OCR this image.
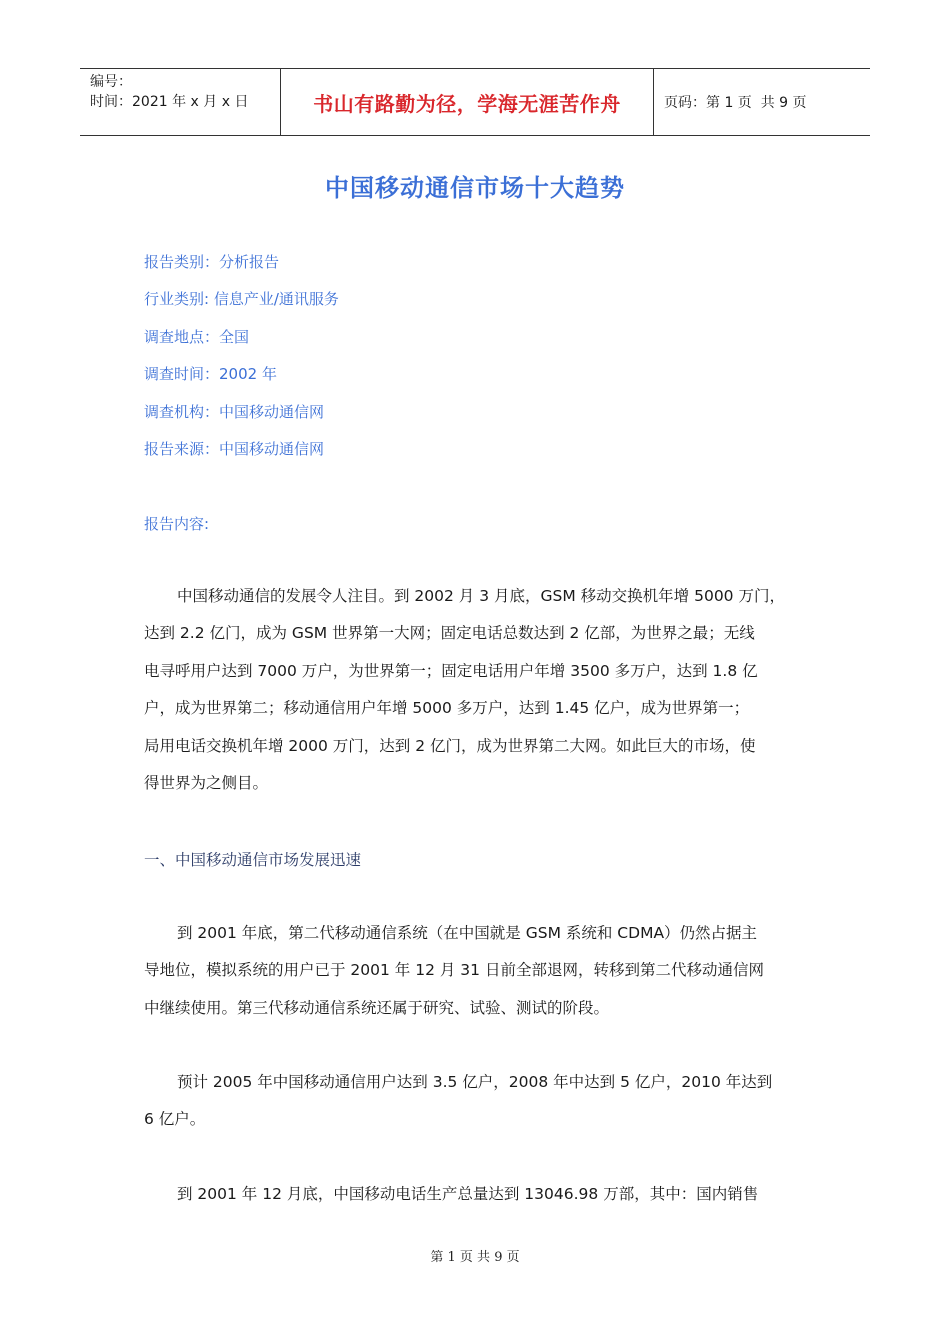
编号：
时间：2021 年 x 月 x 日	书山有路勤为径，学海无涯苦作舟	页码：第 1 页  共 9 页
中国移动通信市场十大趋势
报告类别：分析报告
行业类别: 信息产业/通讯服务
调查地点：全国
调查时间：2002 年
调查机构：中国移动通信网
报告来源：中国移动通信网
报告内容:
中国移动通信的发展令人注目。到 2002 月 3 月底，GSM 移动交换机年增 5000 万门，
达到 2.2 亿门，成为 GSM 世界第一大网；固定电话总数达到 2 亿部，为世界之最；无线
电寻呼用户达到 7000 万户，为世界第一；固定电话用户年增 3500 多万户，达到 1.8 亿
户，成为世界第二；移动通信用户年增 5000 多万户，达到 1.45 亿户，成为世界第一；
局用电话交换机年增 2000 万门，达到 2 亿门，成为世界第二大网。如此巨大的市场，使
得世界为之侧目。
一、中国移动通信市场发展迅速
到 2001 年底，第二代移动通信系统（在中国就是 GSM 系统和 CDMA）仍然占据主
导地位，模拟系统的用户已于 2001 年 12 月 31 日前全部退网，转移到第二代移动通信网
中继续使用。第三代移动通信系统还属于研究、试验、测试的阶段。
预计 2005 年中国移动通信用户达到 3.5 亿户，2008 年中达到 5 亿户，2010 年达到
6 亿户。
到 2001 年 12 月底，中国移动电话生产总量达到 13046.98 万部，其中：国内销售
第 1 页 共 9 页
